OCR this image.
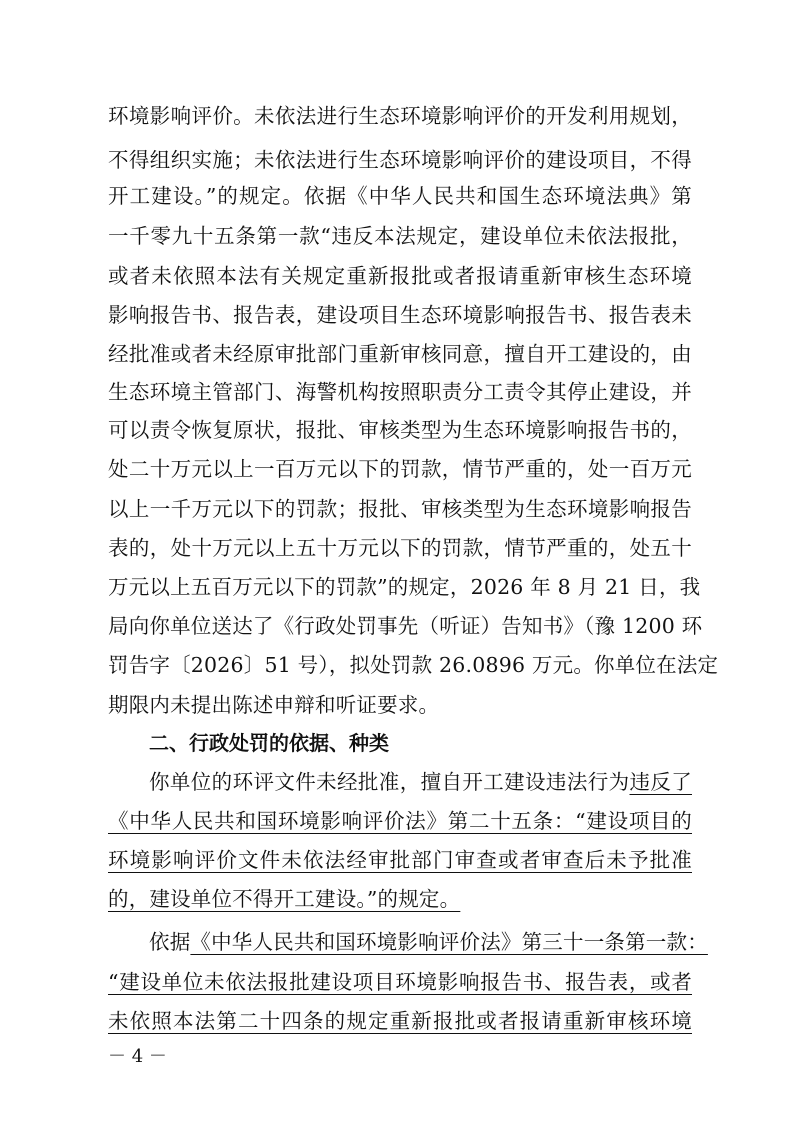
环境影响评价。未依法进行生态环境影响评价的开发利用规划，
不得组织实施；未依法进行生态环境影响评价的建设项目，不得
开工建设。”的规定。依据《中华人民共和国生态环境法典》第
一千零九十五条第一款“违反本法规定，建设单位未依法报批，
或者未依照本法有关规定重新报批或者报请重新审核生态环境
影响报告书、报告表，建设项目生态环境影响报告书、报告表未
经批准或者未经原审批部门重新审核同意，擅自开工建设的，由
生态环境主管部门、海警机构按照职责分工责令其停止建设，并
可以责令恢复原状，报批、审核类型为生态环境影响报告书的，
处二十万元以上一百万元以下的罚款，情节严重的，处一百万元
以上一千万元以下的罚款；报批、审核类型为生态环境影响报告
表的，处十万元以上五十万元以下的罚款，情节严重的，处五十
万元以上五百万元以下的罚款”的规定，2026 年 8 月 21 日，我
局向你单位送达了《行政处罚事先（听证）告知书》（豫 1200 环
罚告字〔2026〕51 号），拟处罚款 26.0896 万元。你单位在法定
期限内未提出陈述申辩和听证要求。
二、行政处罚的依据、种类
你单位的环评文件未经批准，擅自开工建设违法行为违反了
《中华人民共和国环境影响评价法》第二十五条：“建设项目的
环境影响评价文件未依法经审批部门审查或者审查后未予批准
的，建设单位不得开工建设。”的规定。
依据《中华人民共和国环境影响评价法》第三十一条第一款：
“建设单位未依法报批建设项目环境影响报告书、报告表，或者
未依照本法第二十四条的规定重新报批或者报请重新审核环境
－ 4 －
